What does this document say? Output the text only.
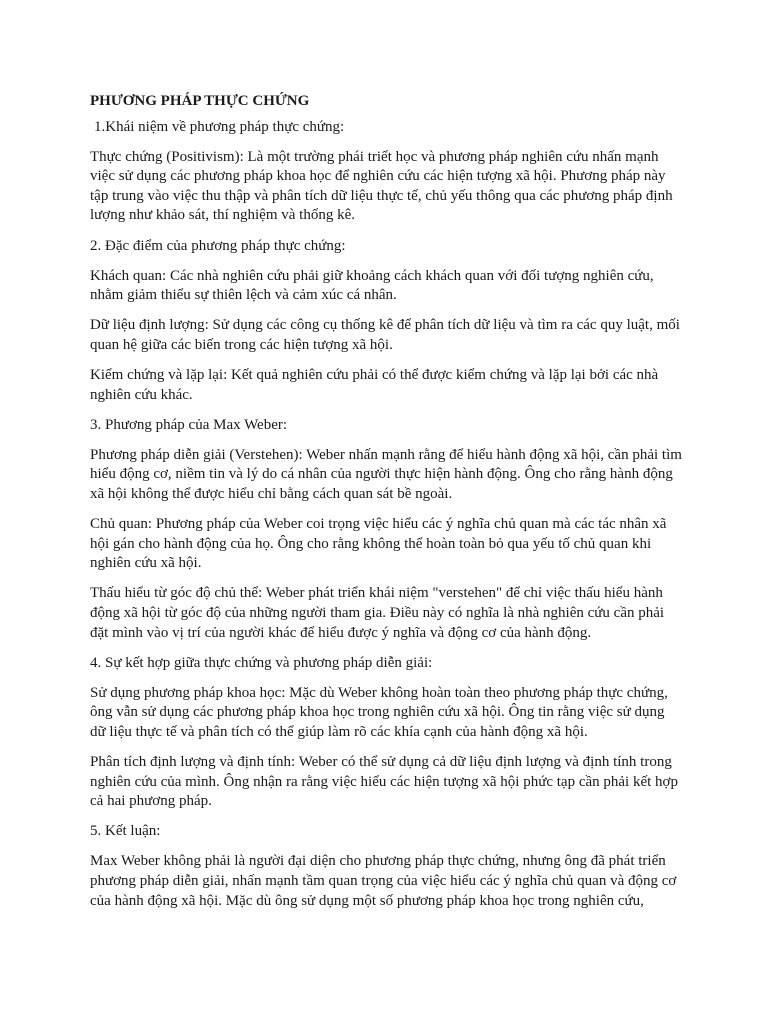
PHƯƠNG PHÁP THỰC CHỨNG
1.Khái niệm về phương pháp thực chứng:
Thực chứng (Positivism): Là một trường phái triết học và phương pháp nghiên cứu nhấn mạnh việc sử dụng các phương pháp khoa học để nghiên cứu các hiện tượng xã hội. Phương pháp này tập trung vào việc thu thập và phân tích dữ liệu thực tế, chủ yếu thông qua các phương pháp định lượng như khảo sát, thí nghiệm và thống kê.
2. Đặc điểm của phương pháp thực chứng:
Khách quan: Các nhà nghiên cứu phải giữ khoảng cách khách quan với đối tượng nghiên cứu, nhằm giảm thiểu sự thiên lệch và cảm xúc cá nhân.
Dữ liệu định lượng: Sử dụng các công cụ thống kê để phân tích dữ liệu và tìm ra các quy luật, mối quan hệ giữa các biến trong các hiện tượng xã hội.
Kiểm chứng và lặp lại: Kết quả nghiên cứu phải có thể được kiểm chứng và lặp lại bởi các nhà nghiên cứu khác.
3. Phương pháp của Max Weber:
Phương pháp diễn giải (Verstehen): Weber nhấn mạnh rằng để hiểu hành động xã hội, cần phải tìm hiểu động cơ, niềm tin và lý do cá nhân của người thực hiện hành động. Ông cho rằng hành động xã hội không thể được hiểu chỉ bằng cách quan sát bề ngoài.
Chủ quan: Phương pháp của Weber coi trọng việc hiểu các ý nghĩa chủ quan mà các tác nhân xã hội gán cho hành động của họ. Ông cho rằng không thể hoàn toàn bỏ qua yếu tố chủ quan khi nghiên cứu xã hội.
Thấu hiểu từ góc độ chủ thể: Weber phát triển khái niệm "verstehen" để chỉ việc thấu hiểu hành động xã hội từ góc độ của những người tham gia. Điều này có nghĩa là nhà nghiên cứu cần phải đặt mình vào vị trí của người khác để hiểu được ý nghĩa và động cơ của hành động.
4. Sự kết hợp giữa thực chứng và phương pháp diễn giải:
Sử dụng phương pháp khoa học: Mặc dù Weber không hoàn toàn theo phương pháp thực chứng, ông vẫn sử dụng các phương pháp khoa học trong nghiên cứu xã hội. Ông tin rằng việc sử dụng dữ liệu thực tế và phân tích có thể giúp làm rõ các khía cạnh của hành động xã hội.
Phân tích định lượng và định tính: Weber có thể sử dụng cả dữ liệu định lượng và định tính trong nghiên cứu của mình. Ông nhận ra rằng việc hiểu các hiện tượng xã hội phức tạp cần phải kết hợp cả hai phương pháp.
5. Kết luận:
Max Weber không phải là người đại diện cho phương pháp thực chứng, nhưng ông đã phát triển phương pháp diễn giải, nhấn mạnh tầm quan trọng của việc hiểu các ý nghĩa chủ quan và động cơ của hành động xã hội. Mặc dù ông sử dụng một số phương pháp khoa học trong nghiên cứu,
